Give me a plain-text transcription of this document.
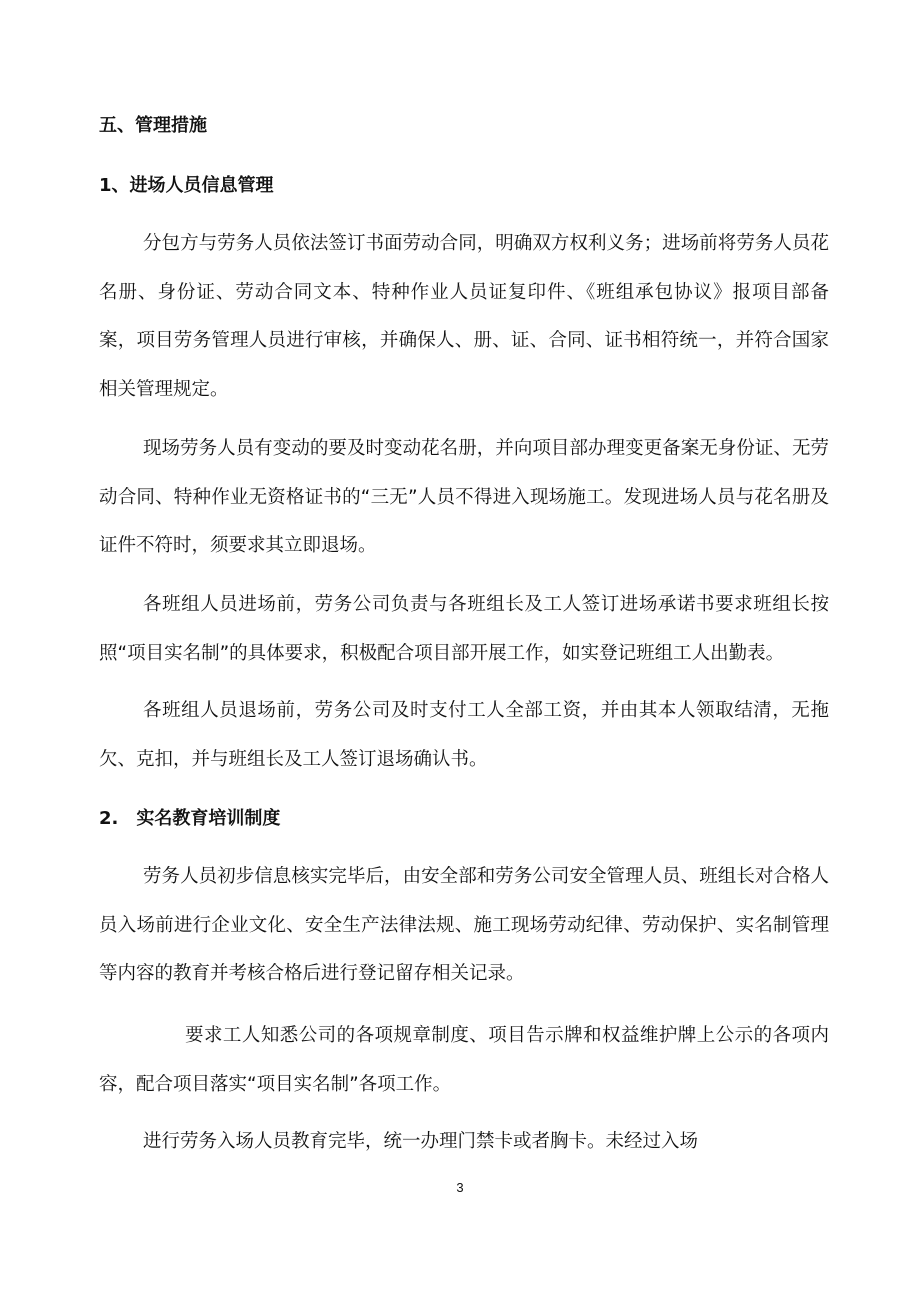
五、管理措施
1、进场人员信息管理
分包方与劳务人员依法签订书面劳动合同，明确双方权利义务；进场前将劳务人员花名册、身份证、劳动合同文本、特种作业人员证复印件、《班组承包协议》报项目部备案，项目劳务管理人员进行审核，并确保人、册、证、合同、证书相符统一，并符合国家相关管理规定。
现场劳务人员有变动的要及时变动花名册，并向项目部办理变更备案无身份证、无劳动合同、特种作业无资格证书的“三无”人员不得进入现场施工。发现进场人员与花名册及证件不符时，须要求其立即退场。
各班组人员进场前，劳务公司负责与各班组长及工人签订进场承诺书要求班组长按照“项目实名制”的具体要求，积极配合项目部开展工作，如实登记班组工人出勤表。
各班组人员退场前，劳务公司及时支付工人全部工资，并由其本人领取结清，无拖欠、克扣，并与班组长及工人签订退场确认书。
2.　实名教育培训制度
劳务人员初步信息核实完毕后，由安全部和劳务公司安全管理人员、班组长对合格人员入场前进行企业文化、安全生产法律法规、施工现场劳动纪律、劳动保护、实名制管理等内容的教育并考核合格后进行登记留存相关记录。
要求工人知悉公司的各项规章制度、项目告示牌和权益维护牌上公示的各项内容，配合项目落实“项目实名制”各项工作。
进行劳务入场人员教育完毕，统一办理门禁卡或者胸卡。未经过入场
3
